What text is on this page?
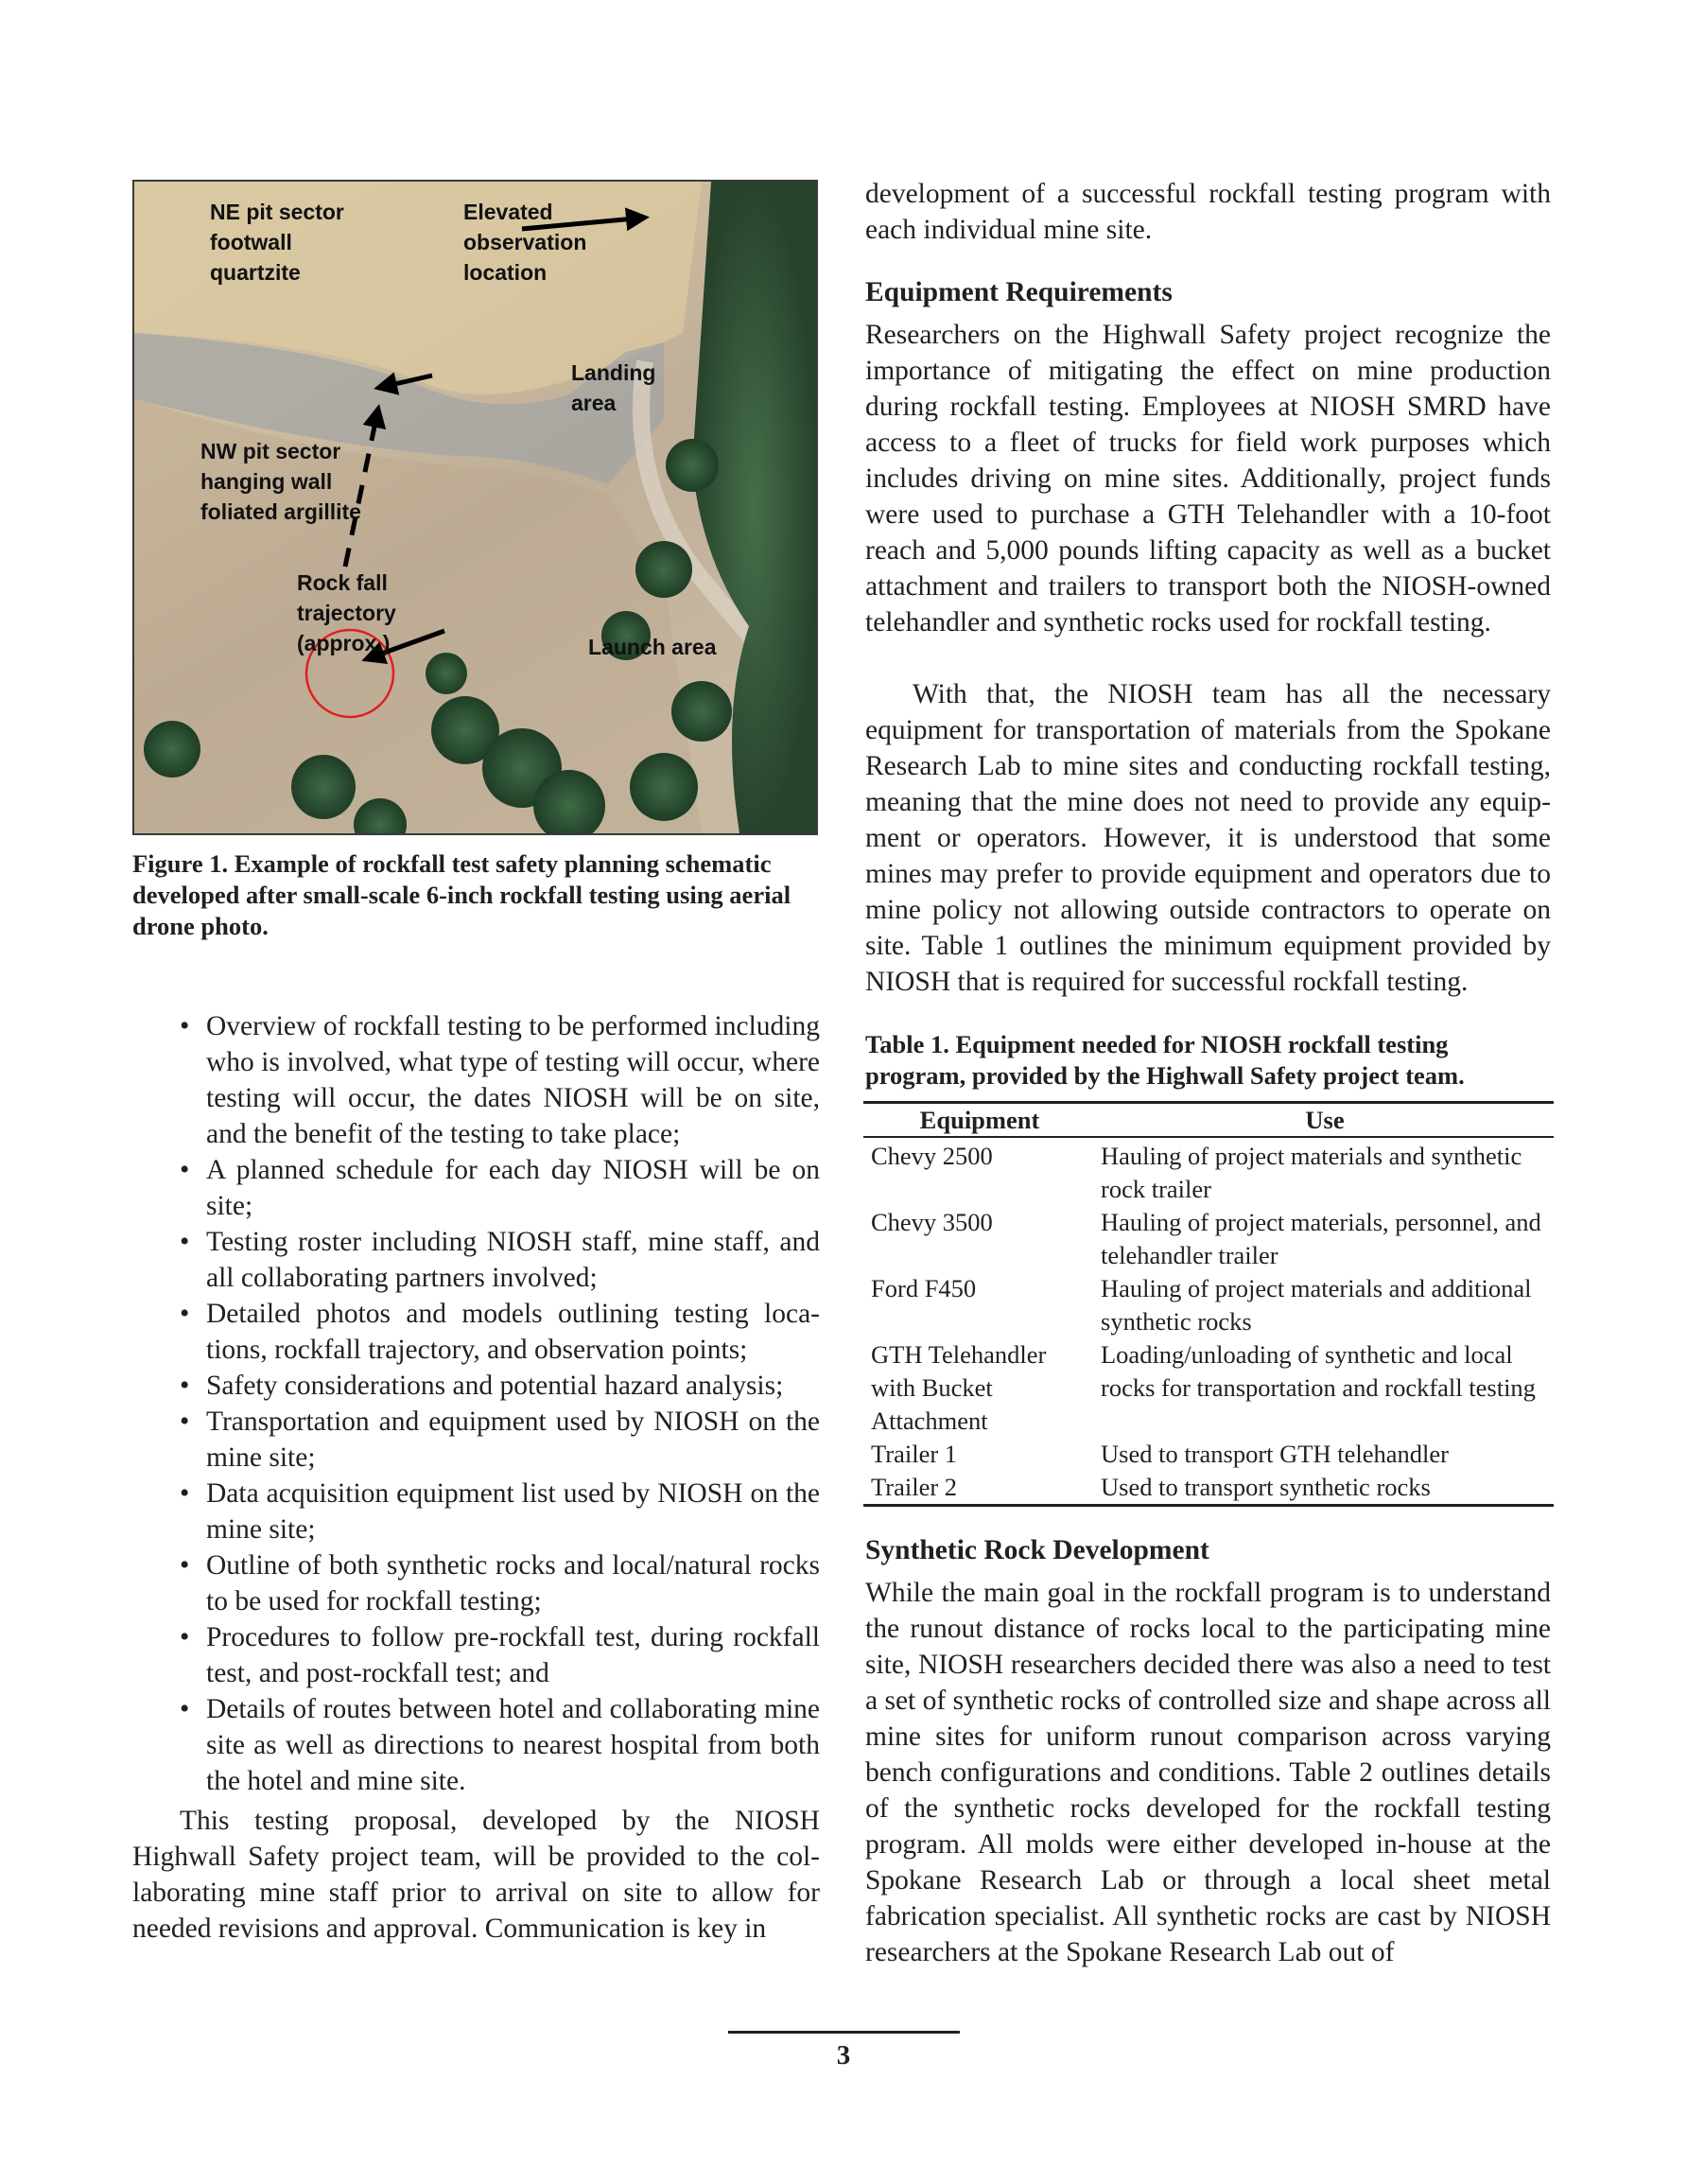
NE pit sector footwall quartzite
Elevated observation location
Landing area
NW pit sector hanging wall foliated argillite
Rock fall trajectory (approx.)	Launch area
Figure 1. Example of rockfall test safety planning schematic developed after small-scale 6-inch rockfall testing using aerial drone photo.
• Overview of rockfall testing to be performed including who is involved, what type of testing will occur, where testing will occur, the dates NIOSH will be on site, and the benefit of the testing to take place;
• A planned schedule for each day NIOSH will be on site;
• Testing roster including NIOSH staff, mine staff, and all collaborating partners involved;
• Detailed photos and models outlining testing locations, rockfall trajectory, and observation points;
• Safety considerations and potential hazard analysis;
• Transportation and equipment used by NIOSH on the mine site;
• Data acquisition equipment list used by NIOSH on the mine site;
• Outline of both synthetic rocks and local/natural rocks to be used for rockfall testing;
• Procedures to follow pre-rockfall test, during rockfall test, and post-rockfall test; and
• Details of routes between hotel and collaborating mine site as well as directions to nearest hospital from both the hotel and mine site.

This testing proposal, developed by the NIOSH Highwall Safety project team, will be provided to the collaborating mine staff prior to arrival on site to allow for needed revisions and approval. Communication is key in

development of a successful rockfall testing program with each individual mine site.

Equipment Requirements

Researchers on the Highwall Safety project recognize the importance of mitigating the effect on mine production during rockfall testing. Employees at NIOSH SMRD have access to a fleet of trucks for field work purposes which includes driving on mine sites. Additionally, project funds were used to purchase a GTH Telehandler with a 10-foot reach and 5,000 pounds lifting capacity as well as a bucket attachment and trailers to transport both the NIOSH-owned telehandler and synthetic rocks used for rockfall testing.

With that, the NIOSH team has all the necessary equipment for transportation of materials from the Spokane Research Lab to mine sites and conducting rockfall testing, meaning that the mine does not need to provide any equipment or operators. However, it is understood that some mines may prefer to provide equipment and operators due to mine policy not allowing outside contractors to operate on site. Table 1 outlines the minimum equipment provided by NIOSH that is required for successful rockfall testing.

Table 1. Equipment needed for NIOSH rockfall testing program, provided by the Highwall Safety project team.
Equipment	Use
Chevy 2500	Hauling of project materials and synthetic rock trailer
Chevy 3500	Hauling of project materials, personnel, and telehandler trailer
Ford F450	Hauling of project materials and additional synthetic rocks
GTH Telehandler with Bucket Attachment	Loading/unloading of synthetic and local rocks for transportation and rockfall testing
Trailer 1	Used to transport GTH telehandler
Trailer 2	Used to transport synthetic rocks
Synthetic Rock Development

While the main goal in the rockfall program is to understand the runout distance of rocks local to the participating mine site, NIOSH researchers decided there was also a need to test a set of synthetic rocks of controlled size and shape across all mine sites for uniform runout comparison across varying bench configurations and conditions. Table 2 outlines details of the synthetic rocks developed for the rockfall testing program. All molds were either developed in-house at the Spokane Research Lab or through a local sheet metal fabrication specialist. All synthetic rocks are cast by NIOSH researchers at the Spokane Research Lab out of

3
